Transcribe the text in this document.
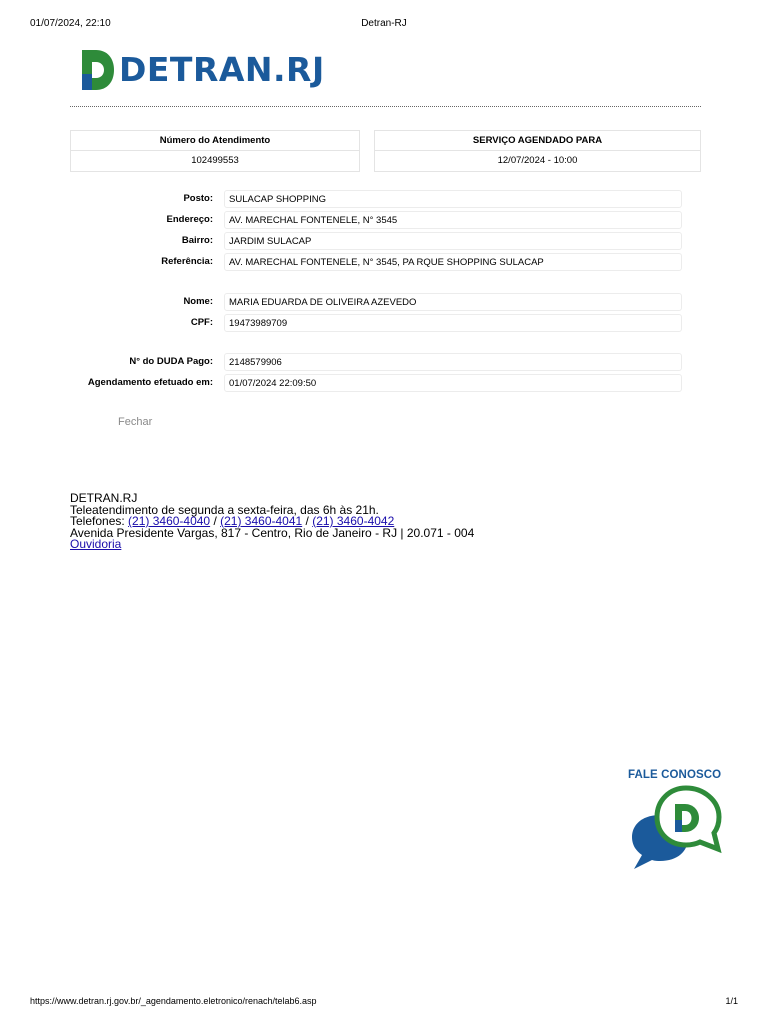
01/07/2024, 22:10	Detran-RJ
DETRAN.RJ
Número do Atendimento
102499553
SERVIÇO AGENDADO PARA
12/07/2024 - 10:00
Posto:	SULACAP SHOPPING
Endereço:	AV. MARECHAL FONTENELE, N° 3545
Bairro:	JARDIM SULACAP
Referência:	AV. MARECHAL FONTENELE, N° 3545, PA RQUE SHOPPING SULACAP
Nome:	MARIA EDUARDA DE OLIVEIRA AZEVEDO
CPF:	19473989709
N° do DUDA Pago:	2148579906
Agendamento efetuado em:	01/07/2024 22:09:50
Fechar
DETRAN.RJ
Teleatendimento de segunda a sexta-feira, das 6h às 21h.
Telefones: (21) 3460-4040 / (21) 3460-4041 / (21) 3460-4042
Avenida Presidente Vargas, 817 - Centro, Rio de Janeiro - RJ | 20.071 - 004
Ouvidoria
FALE CONOSCO
https://www.detran.rj.gov.br/_agendamento.eletronico/renach/telab6.asp	1/1
